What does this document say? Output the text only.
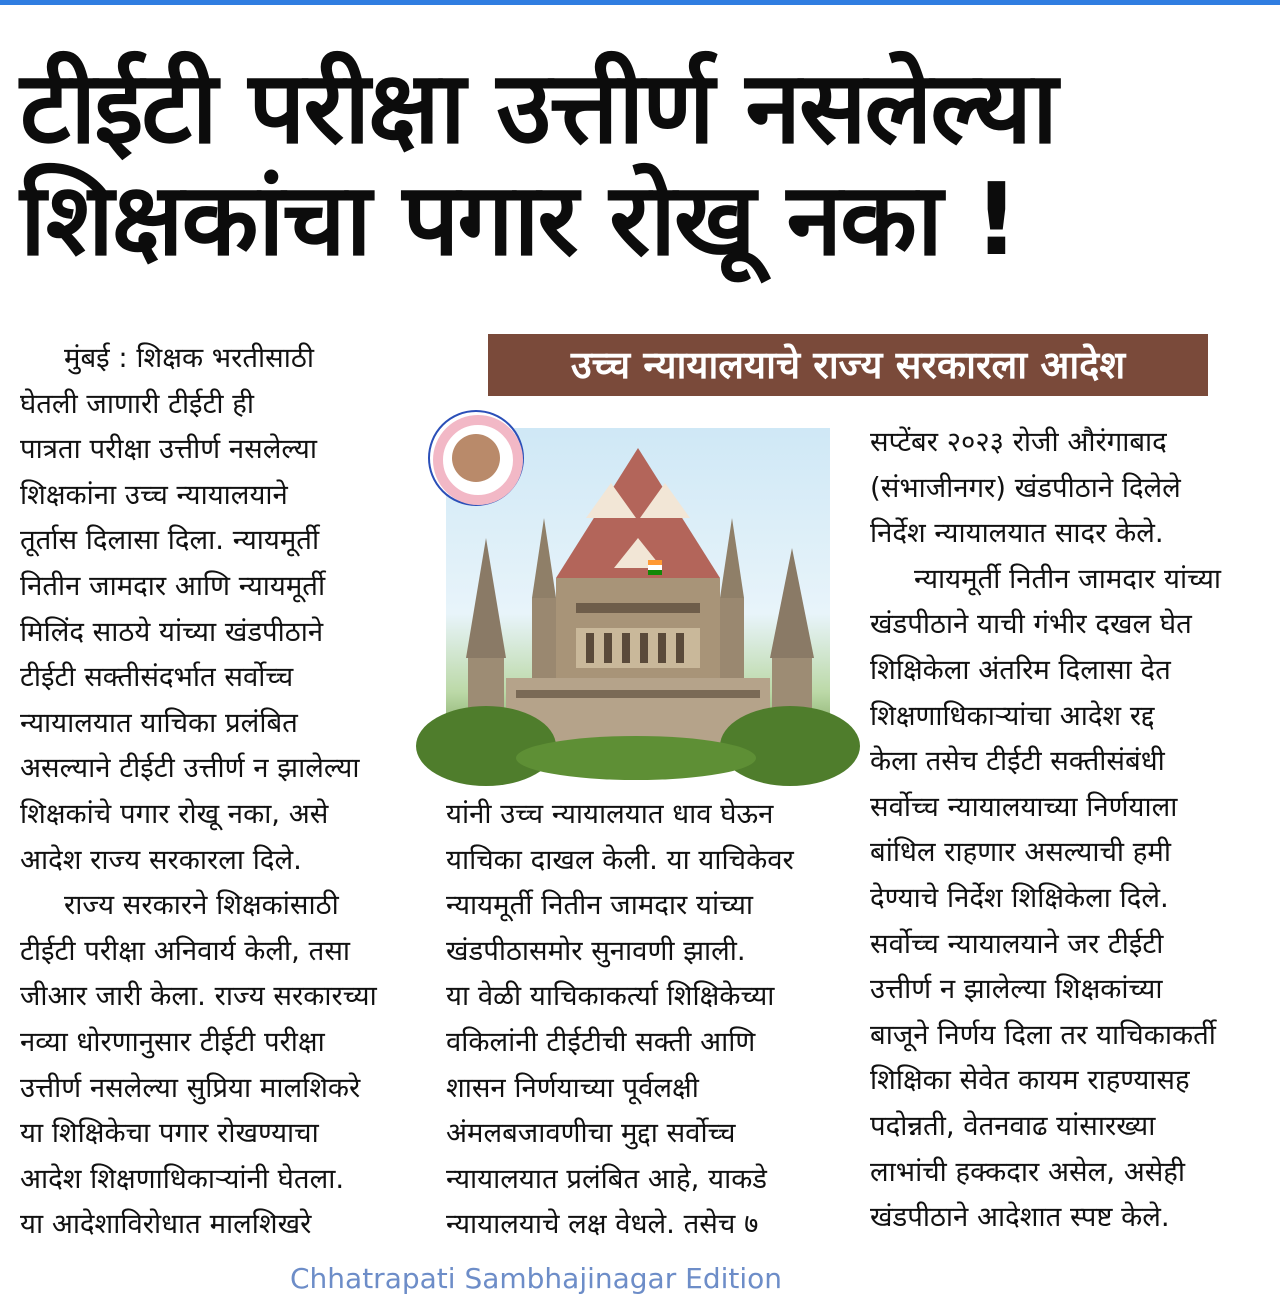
टीईटी परीक्षा उत्तीर्ण नसलेल्या
शिक्षकांचा पगार रोखू नका !
उच्च न्यायालयाचे राज्य सरकारला आदेश
मुंबई : शिक्षक भरतीसाठी
घेतली जाणारी टीईटी ही
पात्रता परीक्षा उत्तीर्ण नसलेल्या
शिक्षकांना उच्च न्यायालयाने
तूर्तास दिलासा दिला. न्यायमूर्ती
नितीन जामदार आणि न्यायमूर्ती
मिलिंद साठये यांच्या खंडपीठाने
टीईटी सक्तीसंदर्भात सर्वोच्च
न्यायालयात याचिका प्रलंबित
असल्याने टीईटी उत्तीर्ण न झालेल्या
शिक्षकांचे पगार रोखू नका, असे
आदेश राज्य सरकारला दिले.
राज्य सरकारने शिक्षकांसाठी
टीईटी परीक्षा अनिवार्य केली, तसा
जीआर जारी केला. राज्य सरकारच्या
नव्या धोरणानुसार टीईटी परीक्षा
उत्तीर्ण नसलेल्या सुप्रिया मालशिकरे
या शिक्षिकेचा पगार रोखण्याचा
आदेश शिक्षणाधिकाऱ्यांनी घेतला.
या आदेशाविरोधात मालशिखरे
यांनी उच्च न्यायालयात धाव घेऊन
याचिका दाखल केली. या याचिकेवर
न्यायमूर्ती नितीन जामदार यांच्या
खंडपीठासमोर सुनावणी झाली.
या वेळी याचिकाकर्त्या शिक्षिकेच्या
वकिलांनी टीईटीची सक्ती आणि
शासन निर्णयाच्या पूर्वलक्षी
अंमलबजावणीचा मुद्दा सर्वोच्च
न्यायालयात प्रलंबित आहे, याकडे
न्यायालयाचे लक्ष वेधले. तसेच ७
सप्टेंबर २०२३ रोजी औरंगाबाद
(संभाजीनगर) खंडपीठाने दिलेले
निर्देश न्यायालयात सादर केले.
न्यायमूर्ती नितीन जामदार यांच्या
खंडपीठाने याची गंभीर दखल घेत
शिक्षिकेला अंतरिम दिलासा देत
शिक्षणाधिकाऱ्यांचा आदेश रद्द
केला तसेच टीईटी सक्तीसंबंधी
सर्वोच्च न्यायालयाच्या निर्णयाला
बांधिल राहणार असल्याची हमी
देण्याचे निर्देश शिक्षिकेला दिले.
सर्वोच्च न्यायालयाने जर टीईटी
उत्तीर्ण न झालेल्या शिक्षकांच्या
बाजूने निर्णय दिला तर याचिकाकर्ती
शिक्षिका सेवेत कायम राहण्यासह
पदोन्नती, वेतनवाढ यांसारख्या
लाभांची हक्कदार असेल, असेही
खंडपीठाने आदेशात स्पष्ट केले.
Chhatrapati Sambhajinagar Edition
